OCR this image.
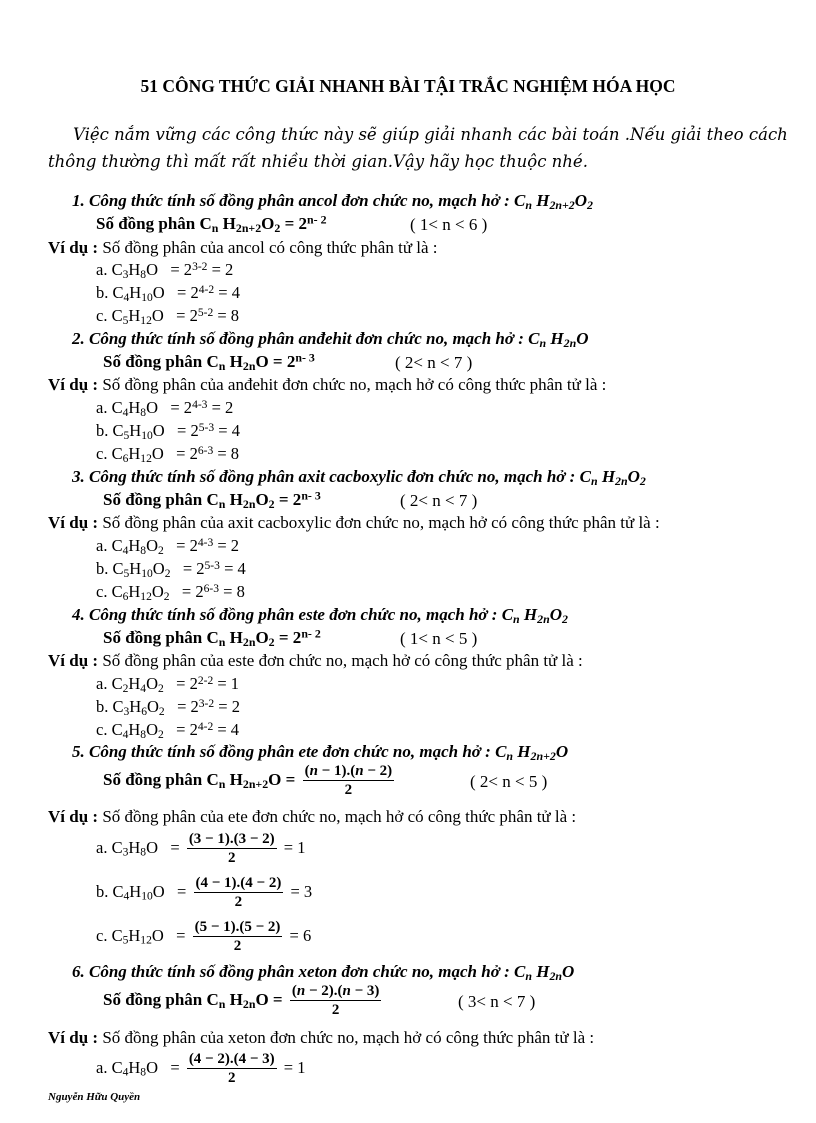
51 CÔNG THỨC GIẢI NHANH BÀI TẬI TRẮC NGHIỆM HÓA HỌC
Việc nắm vững các công thức này sẽ giúp giải nhanh các bài toán .Nếu giải theo cách thông thường thì mất rất nhiều thời gian.Vậy hãy học thuộc nhé.
1. Công thức tính số đồng phân ancol đơn chức no, mạch hở : $C_n$ $H_{2n+2}O_2$
Số đồng phân $C_n$ $H_{2n+2}O_2 = 2^{n- 2}$	( 1< n < 6 )
Ví dụ : Số đồng phân của ancol có công thức phân tử là :
a. $C_3H_8O = 2^{3-2} = 2$
b. $C_4H_{10}O = 2^{4-2} = 4$
c. $C_5H_{12}O = 2^{5-2} = 8$
2. Công thức tính số đồng phân anđehit đơn chức no, mạch hở : $C_n$ $H_{2n}O$
Số đồng phân $C_n$ $H_{2n}O = 2^{n- 3}$	( 2< n < 7 )
Ví dụ : Số đồng phân của anđehit đơn chức no, mạch hở có công thức phân tử là :
a. $C_4H_8O = 2^{4-3} = 2$
b. $C_5H_{10}O = 2^{5-3} = 4$
c. $C_6H_{12}O = 2^{6-3} = 8$
3. Công thức tính số đồng phân axit cacboxylic đơn chức no, mạch hở : $C_n$ $H_{2n}O_2$
Số đồng phân $C_n$ $H_{2n}O_2 = 2^{n- 3}$	( 2< n < 7 )
Ví dụ : Số đồng phân của axit cacboxylic đơn chức no, mạch hở có công thức phân tử là :
a. $C_4H_8O_2 = 2^{4-3} = 2$
b. $C_5H_{10}O_2 = 2^{5-3} = 4$
c. $C_6H_{12}O_2 = 2^{6-3} = 8$
4. Công thức tính số đồng phân este đơn chức no, mạch hở : $C_n$ $H_{2n}O_2$
Số đồng phân $C_n$ $H_{2n}O_2 = 2^{n- 2}$	( 1< n < 5 )
Ví dụ : Số đồng phân của este đơn chức no, mạch hở có công thức phân tử là :
a. $C_2H_4O_2 = 2^{2-2} = 1$
b. $C_3H_6O_2 = 2^{3-2} = 2$
c. $C_4H_8O_2 = 2^{4-2} = 4$
5. Công thức tính số đồng phân ete đơn chức no, mạch hở : $C_n$ $H_{2n+2}O$
Số đồng phân $C_n$ $H_{2n+2}O = \frac{(n - 1).(n - 2)}{2}$	( 2< n < 5 )
Ví dụ : Số đồng phân của ete đơn chức no, mạch hở có công thức phân tử là :
a. $C_3H_8O = \frac{(3 - 1).(3 - 2)}{2} = 1$
b. $C_4H_{10}O = \frac{(4 - 1).(4 - 2)}{2} = 3$
c. $C_5H_{12}O = \frac{(5 - 1).(5 - 2)}{2} = 6$
6. Công thức tính số đồng phân xeton đơn chức no, mạch hở : $C_n$ $H_{2n}O$
Số đồng phân $C_n$ $H_{2n}O = \frac{(n - 2).(n - 3)}{2}$	( 3< n < 7 )
Ví dụ : Số đồng phân của xeton đơn chức no, mạch hở có công thức phân tử là :
a. $C_4H_8O = \frac{(4 - 2).(4 - 3)}{2} = 1$
Nguyễn Hữu Quyền
